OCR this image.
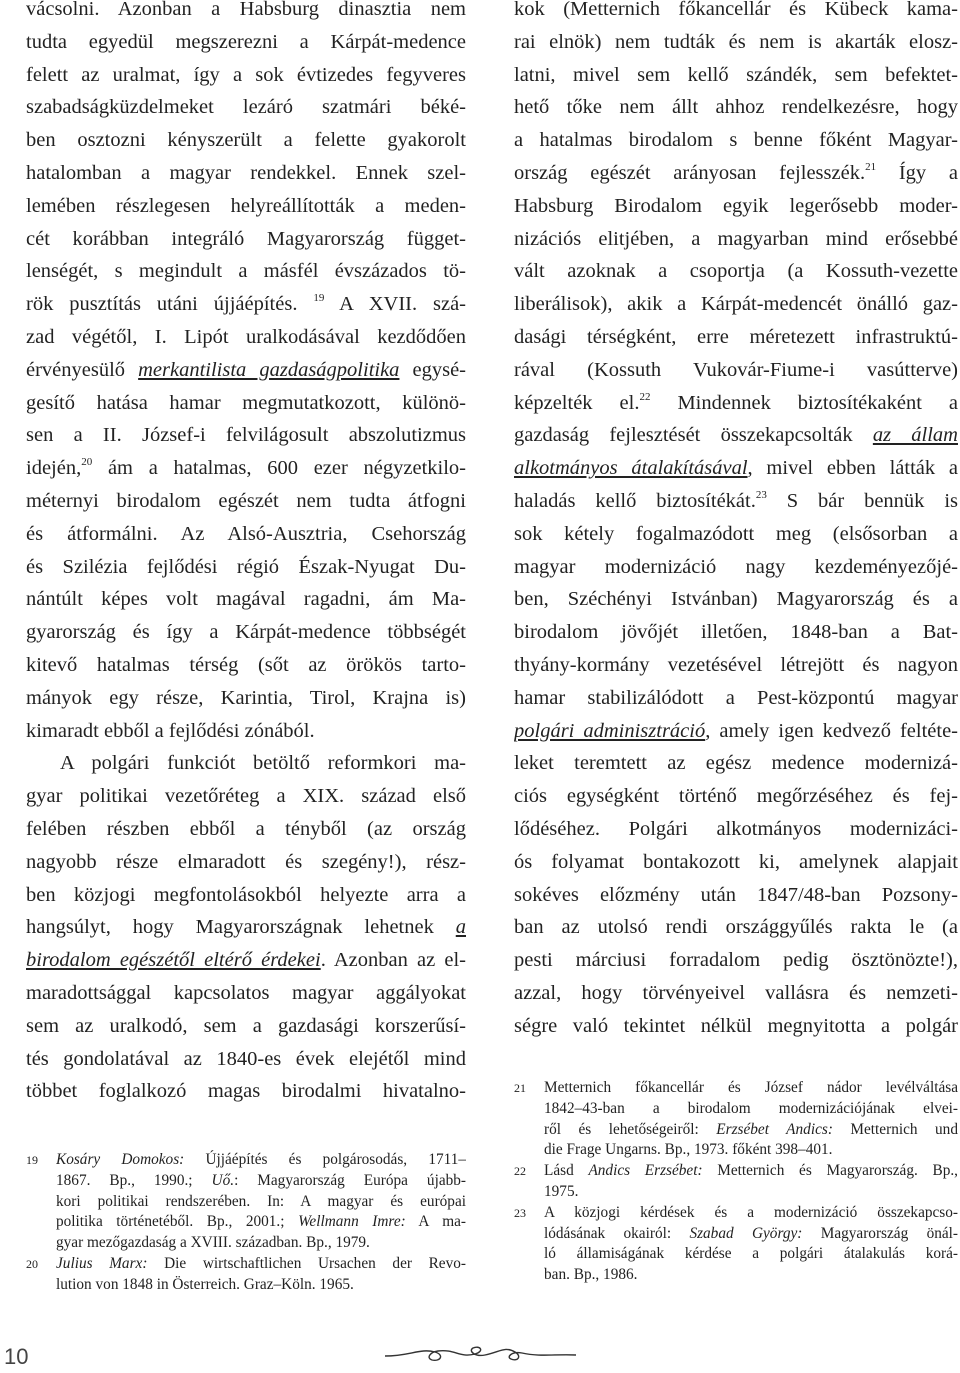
vácsolni. Azonban a Habsburg dinasztia nem
tudta egyedül megszerezni a Kárpát-medence
felett az uralmat, így a sok évtizedes fegyveres
szabadságküzdelmeket lezáró szatmári béké-
ben osztozni kényszerült a felette gyakorolt
hatalomban a magyar rendekkel. Ennek szel-
lemében részlegesen helyreállították a meden-
cét korábban integráló Magyarország függet-
lenségét, s megindult a másfél évszázados tö-
rök pusztítás utáni újjáépítés. $^{19}$ A XVII. szá-
zad végétől, I. Lipót uralkodásával kezdődően
érvényesülő merkantilista gazdaságpolitika egysé-
gesítő hatása hamar megmutatkozott, különö-
sen a II. József-i felvilágosult abszolutizmus
idején,$^{20}$ ám a hatalmas, 600 ezer négyzetkilo-
méternyi birodalom egészét nem tudta átfogni
és átformálni. Az Alsó-Ausztria, Csehország
és Szilézia fejlődési régió Észak-Nyugat Du-
nántúlt képes volt magával ragadni, ám Ma-
gyarország és így a Kárpát-medence többségét
kitevő hatalmas térség (sőt az örökös tarto-
mányok egy része, Karintia, Tirol, Krajna is)
kimaradt ebből a fejlődési zónából.
A polgári funkciót betöltő reformkori ma-
gyar politikai vezetőréteg a XIX. század első
felében részben ebből a tényből (az ország
nagyobb része elmaradott és szegény!), rész-
ben közjogi megfontolásokból helyezte arra a
hangsúlyt, hogy Magyarországnak lehetnek a
birodalom egészétől eltérő érdekei. Azonban az el-
maradottsággal kapcsolatos magyar aggályokat
sem az uralkodó, sem a gazdasági korszerűsí-
tés gondolatával az 1840-es évek elejétől mind
többet foglalkozó magas birodalmi hivatalno-
kok (Metternich főkancellár és Kübeck kama-
rai elnök) nem tudták és nem is akarták elosz-
latni, mivel sem kellő szándék, sem befektet-
hető tőke nem állt ahhoz rendelkezésre, hogy
a hatalmas birodalom s benne főként Magyar-
ország egészét arányosan fejlesszék.$^{21}$ Így a
Habsburg Birodalom egyik legerősebb moder-
nizációs elitjében, a magyarban mind erősebbé
vált azoknak a csoportja (a Kossuth-vezette
liberálisok), akik a Kárpát-medencét önálló gaz-
dasági térségként, erre méretezett infrastruktú-
rával (Kossuth Vukovár-Fiume-i vasútterve)
képzelték el.$^{22}$ Mindennek biztosítékaként a
gazdaság fejlesztését összekapcsolták az állam
alkotmányos átalakításával, mivel ebben látták a
haladás kellő biztosítékát.$^{23}$ S bár bennük is
sok kétely fogalmazódott meg (elsősorban a
magyar modernizáció nagy kezdeményezőjé-
ben, Széchényi Istvánban) Magyarország és a
birodalom jövőjét illetően, 1848-ban a Bat-
thyány-kormány vezetésével létrejött és nagyon
hamar stabilizálódott a Pest-központú magyar
polgári adminisztráció, amely igen kedvező feltéte-
leket teremtett az egész medence modernizá-
ciós egységként történő megőrzéséhez és fej-
lődéséhez. Polgári alkotmányos modernizáci-
ós folyamat bontakozott ki, amelynek alapjait
sokéves előzmény után 1847/48-ban Pozsony-
ban az utolsó rendi országgyűlés rakta le (a
pesti márciusi forradalom pedig ösztönözte!),
azzal, hogy törvényeivel vallásra és nemzeti-
ségre való tekintet nélkül megnyitotta a polgár
19 Kosáry Domokos: Újjáépítés és polgárosodás, 1711–
1867. Bp., 1990.; Uő.: Magyarország Európa újabb-
kori politikai rendszerében. In: A magyar és európai
politika történetéből. Bp., 2001.; Wellmann Imre: A ma-
gyar mezőgazdaság a XVIII. században. Bp., 1979.
20 Julius Marx: Die wirtschaftlichen Ursachen der Revo-
lution von 1848 in Österreich. Graz–Köln. 1965.
21 Metternich főkancellár és József nádor levélváltása
1842–43-ban a birodalom modernizációjának elvei-
ről és lehetőségeiről: Erzsébet Andics: Metternich und
die Frage Ungarns. Bp., 1973. főként 398–401.
22 Lásd Andics Erzsébet: Metternich és Magyarország. Bp.,
1975.
23 A közjogi kérdések és a modernizáció összekapcso-
lódásának okairól: Szabad György: Magyarország önál-
ló államiságának kérdése a polgári átalakulás korá-
ban. Bp., 1986.
10
